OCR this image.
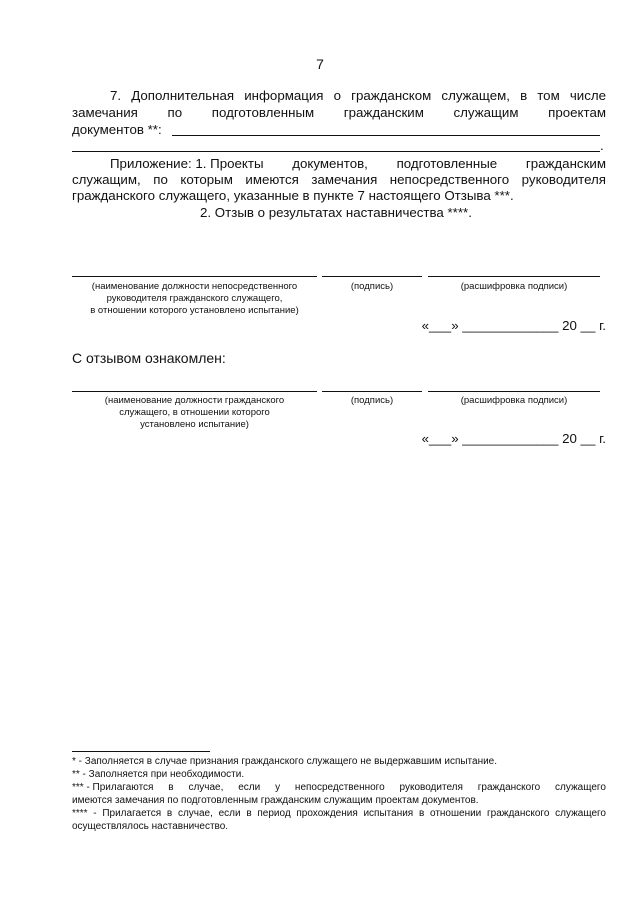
7
7. Дополнительная информация о гражданском служащем, в том числе
замечания по подготовленным гражданским служащим проектам
документов **:
.
Приложение: 1. Проекты документов, подготовленные гражданским
служащим, по которым имеются замечания непосредственного руководителя
гражданского служащего, указанные в пункте 7 настоящего Отзыва ***.
2. Отзыв о результатах наставничества ****.
(наименование должности непосредственного
руководителя гражданского служащего,
в отношении которого установлено испытание)
(подпись)	(расшифровка подписи)
«___» _____________ 20 __ г.
С отзывом ознакомлен:
(наименование должности гражданского
служащего, в отношении которого
установлено испытание)
(подпись)	(расшифровка подписи)
«___» _____________ 20 __ г.
* - Заполняется в случае признания гражданского служащего не выдержавшим испытание.
** - Заполняется при необходимости.
*** - Прилагаются в случае, если у непосредственного руководителя гражданского служащего
имеются замечания по подготовленным гражданским служащим проектам документов.
**** - Прилагается в случае, если в период прохождения испытания в отношении гражданского служащего
осуществлялось наставничество.
